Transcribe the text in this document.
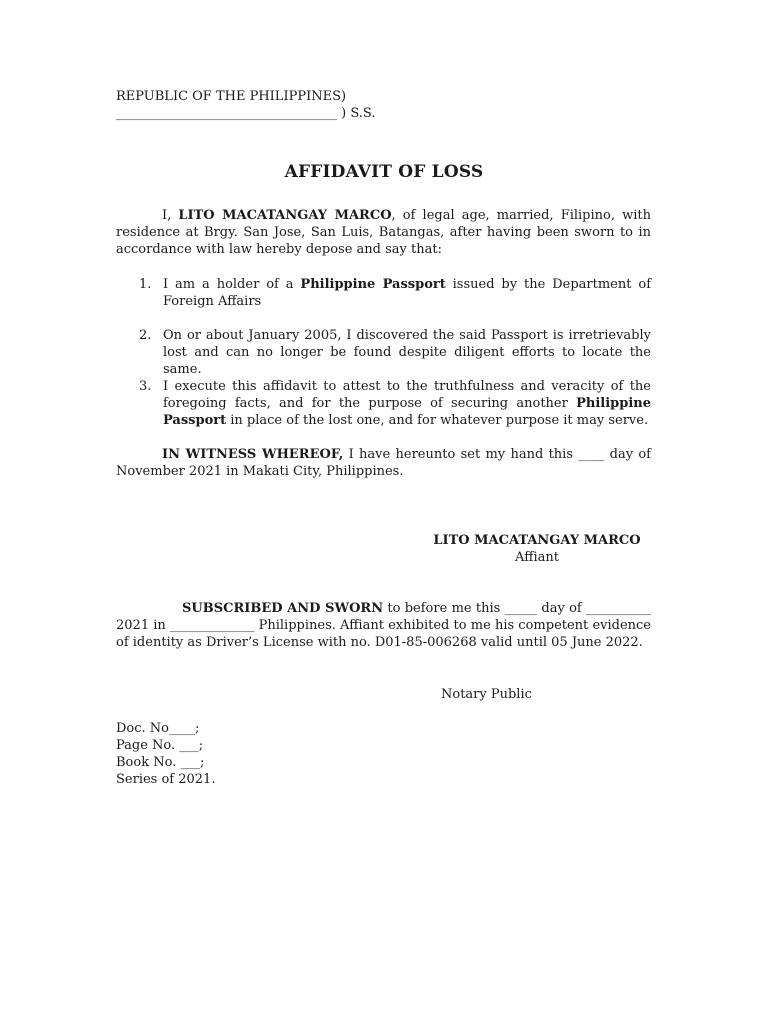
REPUBLIC OF THE PHILIPPINES)
__________________________________ ) S.S.
AFFIDAVIT OF LOSS
I, LITO MACATANGAY MARCO, of legal age, married, Filipino, with residence at Brgy. San Jose, San Luis, Batangas, after having been sworn to in accordance with law hereby depose and say that:
1. I am a holder of a Philippine Passport issued by the Department of Foreign Affairs
2. On or about January 2005, I discovered the said Passport is irretrievably lost and can no longer be found despite diligent efforts to locate the same.
3. I execute this affidavit to attest to the truthfulness and veracity of the foregoing facts, and for the purpose of securing another Philippine Passport in place of the lost one, and for whatever purpose it may serve.
IN WITNESS WHEREOF, I have hereunto set my hand this ____ day of November 2021 in Makati City, Philippines.
LITO MACATANGAY MARCO
Affiant
SUBSCRIBED AND SWORN to before me this _____ day of __________ 2021 in _____________ Philippines. Affiant exhibited to me his competent evidence of identity as Driver’s License with no. D01-85-006268 valid until 05 June 2022.
Notary Public
Doc. No____;
Page No. ___;
Book No. ___;
Series of 2021.
